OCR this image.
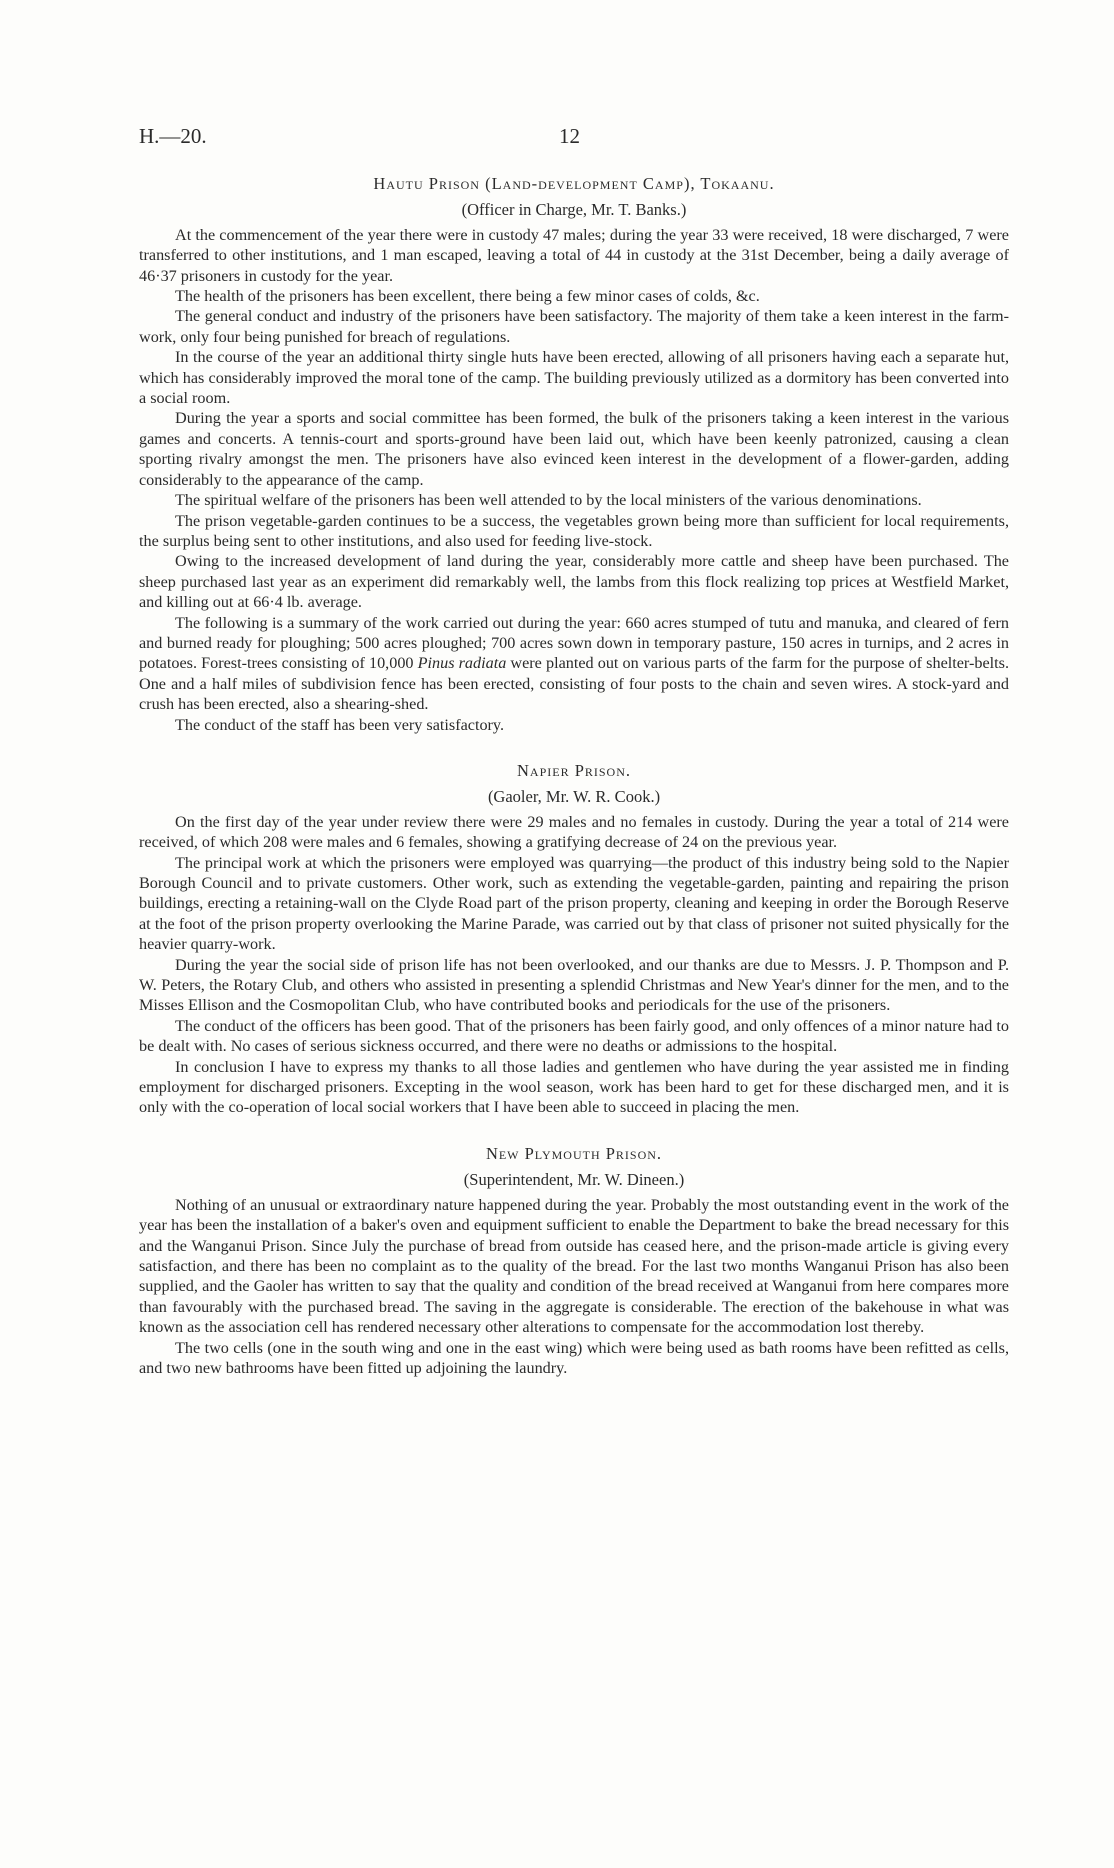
H.—20.	12
Hautu Prison (Land-development Camp), Tokaanu.
(Officer in Charge, Mr. T. Banks.)

At the commencement of the year there were in custody 47 males; during the year 33 were received, 18 were discharged, 7 were transferred to other institutions, and 1 man escaped, leaving a total of 44 in custody at the 31st December, being a daily average of 46·37 prisoners in custody for the year.

The health of the prisoners has been excellent, there being a few minor cases of colds, &c.

The general conduct and industry of the prisoners have been satisfactory. The majority of them take a keen interest in the farm-work, only four being punished for breach of regulations.

In the course of the year an additional thirty single huts have been erected, allowing of all prisoners having each a separate hut, which has considerably improved the moral tone of the camp. The building previously utilized as a dormitory has been converted into a social room.

During the year a sports and social committee has been formed, the bulk of the prisoners taking a keen interest in the various games and concerts. A tennis-court and sports-ground have been laid out, which have been keenly patronized, causing a clean sporting rivalry amongst the men. The prisoners have also evinced keen interest in the development of a flower-garden, adding considerably to the appearance of the camp.

The spiritual welfare of the prisoners has been well attended to by the local ministers of the various denominations.

The prison vegetable-garden continues to be a success, the vegetables grown being more than sufficient for local requirements, the surplus being sent to other institutions, and also used for feeding live-stock.

Owing to the increased development of land during the year, considerably more cattle and sheep have been purchased. The sheep purchased last year as an experiment did remarkably well, the lambs from this flock realizing top prices at Westfield Market, and killing out at 66·4 lb. average.

The following is a summary of the work carried out during the year: 660 acres stumped of tutu and manuka, and cleared of fern and burned ready for ploughing; 500 acres ploughed; 700 acres sown down in temporary pasture, 150 acres in turnips, and 2 acres in potatoes. Forest-trees consisting of 10,000 Pinus radiata were planted out on various parts of the farm for the purpose of shelter-belts. One and a half miles of subdivision fence has been erected, consisting of four posts to the chain and seven wires. A stock-yard and crush has been erected, also a shearing-shed.

The conduct of the staff has been very satisfactory.

Napier Prison.
(Gaoler, Mr. W. R. Cook.)

On the first day of the year under review there were 29 males and no females in custody. During the year a total of 214 were received, of which 208 were males and 6 females, showing a gratifying decrease of 24 on the previous year.

The principal work at which the prisoners were employed was quarrying—the product of this industry being sold to the Napier Borough Council and to private customers. Other work, such as extending the vegetable-garden, painting and repairing the prison buildings, erecting a retaining-wall on the Clyde Road part of the prison property, cleaning and keeping in order the Borough Reserve at the foot of the prison property overlooking the Marine Parade, was carried out by that class of prisoner not suited physically for the heavier quarry-work.

During the year the social side of prison life has not been overlooked, and our thanks are due to Messrs. J. P. Thompson and P. W. Peters, the Rotary Club, and others who assisted in presenting a splendid Christmas and New Year's dinner for the men, and to the Misses Ellison and the Cosmopolitan Club, who have contributed books and periodicals for the use of the prisoners.

The conduct of the officers has been good. That of the prisoners has been fairly good, and only offences of a minor nature had to be dealt with. No cases of serious sickness occurred, and there were no deaths or admissions to the hospital.

In conclusion I have to express my thanks to all those ladies and gentlemen who have during the year assisted me in finding employment for discharged prisoners. Excepting in the wool season, work has been hard to get for these discharged men, and it is only with the co-operation of local social workers that I have been able to succeed in placing the men.

New Plymouth Prison.
(Superintendent, Mr. W. Dineen.)

Nothing of an unusual or extraordinary nature happened during the year. Probably the most outstanding event in the work of the year has been the installation of a baker's oven and equipment sufficient to enable the Department to bake the bread necessary for this and the Wanganui Prison. Since July the purchase of bread from outside has ceased here, and the prison-made article is giving every satisfaction, and there has been no complaint as to the quality of the bread. For the last two months Wanganui Prison has also been supplied, and the Gaoler has written to say that the quality and condition of the bread received at Wanganui from here compares more than favourably with the purchased bread. The saving in the aggregate is considerable. The erection of the bakehouse in what was known as the association cell has rendered necessary other alterations to compensate for the accommodation lost thereby.

The two cells (one in the south wing and one in the east wing) which were being used as bath rooms have been refitted as cells, and two new bathrooms have been fitted up adjoining the laundry.
